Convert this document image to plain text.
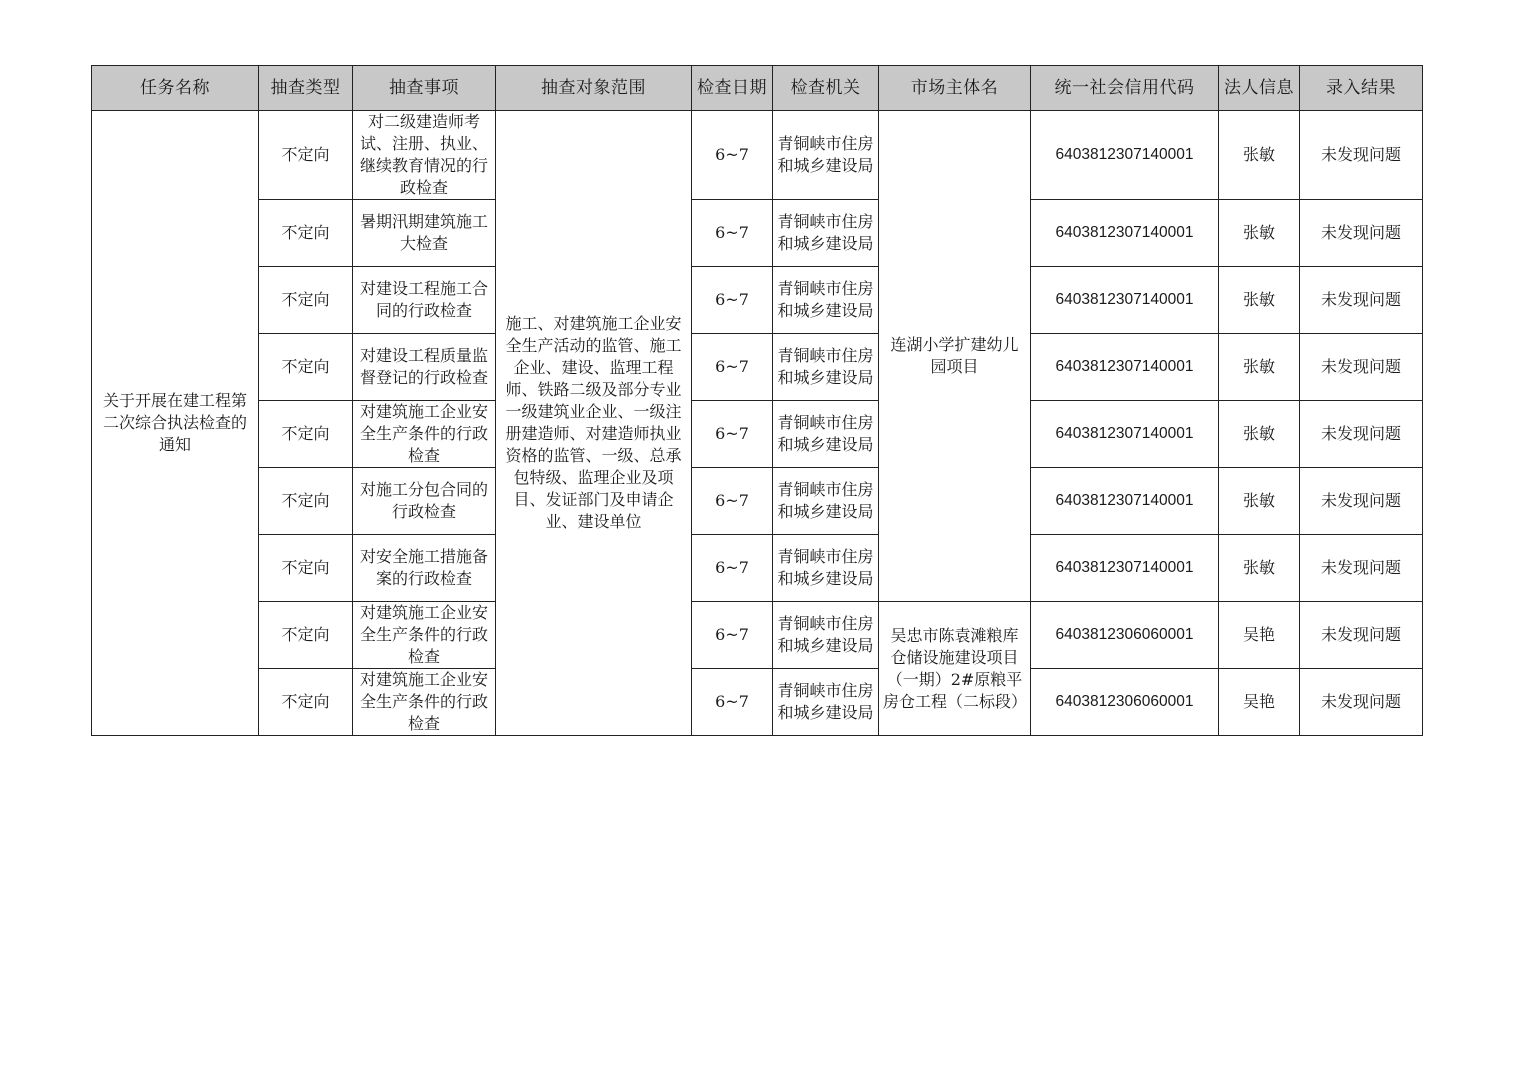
任务名称	抽查类型	抽查事项	抽查对象范围	检查日期	检查机关	市场主体名	统一社会信用代码	法人信息	录入结果
关于开展在建工程第二次综合执法检查的通知	不定向	对二级建造师考试、注册、执业、继续教育情况的行政检查	施工、对建筑施工企业安全生产活动的监管、施工企业、建设、监理工程师、铁路二级及部分专业一级建筑业企业、一级注册建造师、对建造师执业资格的监管、一级、总承包特级、监理企业及项目、发证部门及申请企业、建设单位	6~7	青铜峡市住房和城乡建设局	连湖小学扩建幼儿园项目	6403812307140001	张敏	未发现问题
	不定向	暑期汛期建筑施工大检查		6~7	青铜峡市住房和城乡建设局		6403812307140001	张敏	未发现问题
	不定向	对建设工程施工合同的行政检查		6~7	青铜峡市住房和城乡建设局		6403812307140001	张敏	未发现问题
	不定向	对建设工程质量监督登记的行政检查		6~7	青铜峡市住房和城乡建设局		6403812307140001	张敏	未发现问题
	不定向	对建筑施工企业安全生产条件的行政检查		6~7	青铜峡市住房和城乡建设局		6403812307140001	张敏	未发现问题
	不定向	对施工分包合同的行政检查		6~7	青铜峡市住房和城乡建设局		6403812307140001	张敏	未发现问题
	不定向	对安全施工措施备案的行政检查		6~7	青铜峡市住房和城乡建设局		6403812307140001	张敏	未发现问题
	不定向	对建筑施工企业安全生产条件的行政检查		6~7	青铜峡市住房和城乡建设局	吴忠市陈袁滩粮库仓储设施建设项目（一期）2#原粮平房仓工程（二标段）	6403812306060001	吴艳	未发现问题
	不定向	对建筑施工企业安全生产条件的行政检查		6~7	青铜峡市住房和城乡建设局		6403812306060001	吴艳	未发现问题
